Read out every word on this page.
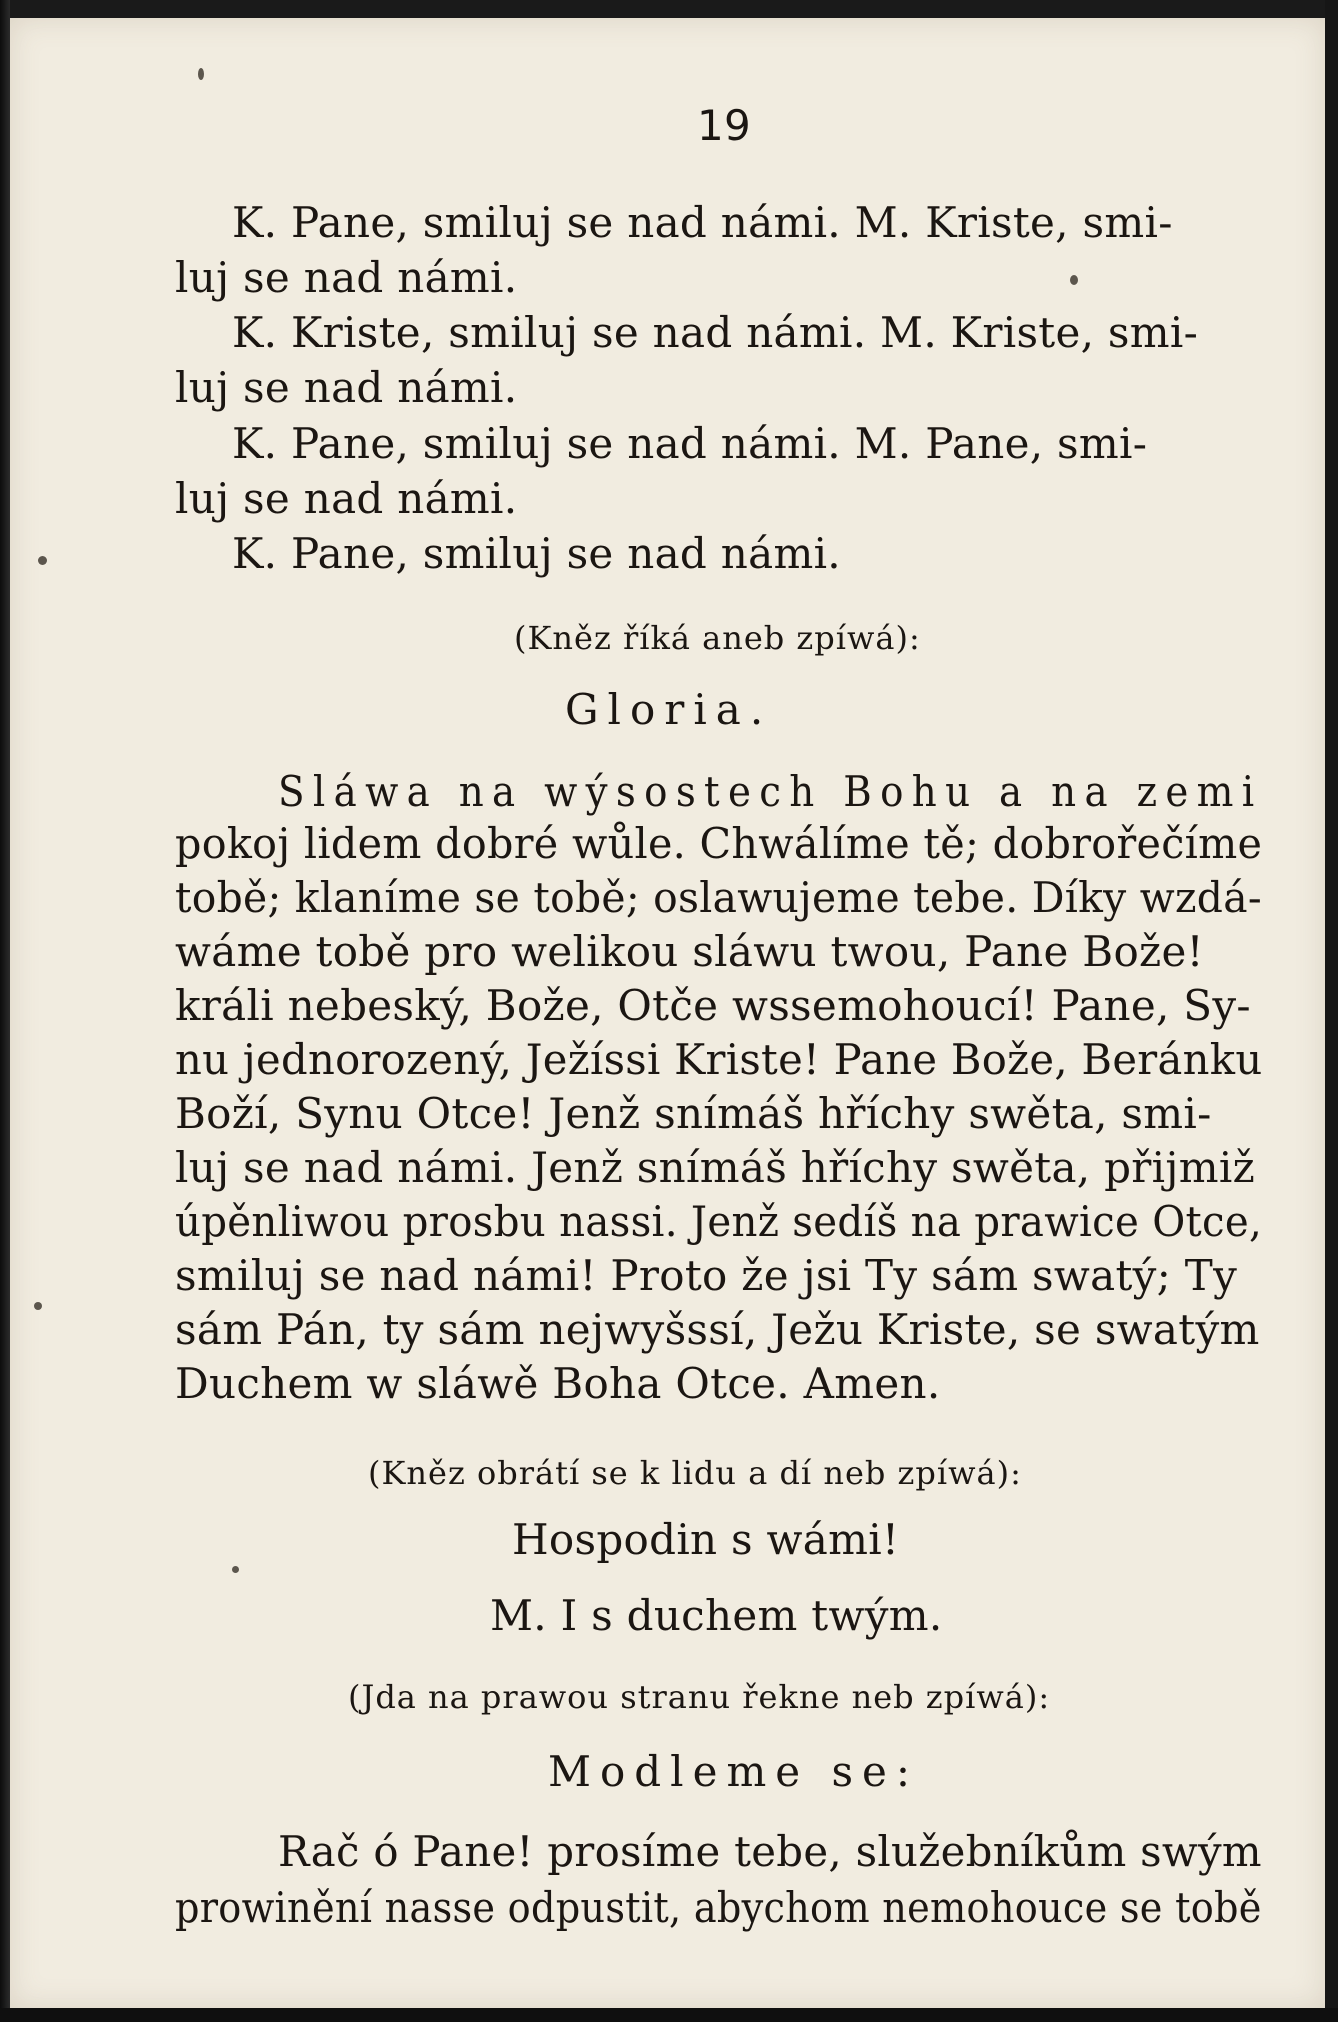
19
K. Pane, smiluj se nad námi. M. Kriste, smi-
luj se nad námi.
K. Kriste, smiluj se nad námi. M. Kriste, smi-
luj se nad námi.
K. Pane, smiluj se nad námi. M. Pane, smi-
luj se nad námi.
K. Pane, smiluj se nad námi.
(Kněz říká aneb zpíwá):
Gloria.
Sláwa na wýsostech Bohu a na zemi
pokoj lidem dobré wůle. Chwálíme tě; dobrořečíme
tobě; klaníme se tobě; oslawujeme tebe. Díky wzdá-
wáme tobě pro welikou sláwu twou, Pane Bože!
králi nebeský, Bože, Otče wssemohoucí! Pane, Sy-
nu jednorozený, Ježíssi Kriste! Pane Bože, Beránku
Boží, Synu Otce! Jenž snímáš hříchy swěta, smi-
luj se nad námi. Jenž snímáš hříchy swěta, přijmiž
úpěnliwou prosbu nassi. Jenž sedíš na prawice Otce,
smiluj se nad námi! Proto že jsi Ty sám swatý; Ty
sám Pán, ty sám nejwyšssí, Ježu Kriste, se swatým
Duchem w sláwě Boha Otce. Amen.
(Kněz obrátí se k lidu a dí neb zpíwá):
Hospodin s wámi!
M. I s duchem twým.
(Jda na prawou stranu řekne neb zpíwá):
Modleme se:
Rač ó Pane! prosíme tebe, služebníkům swým
prowinění nasse odpustit, abychom nemohouce se tobě
